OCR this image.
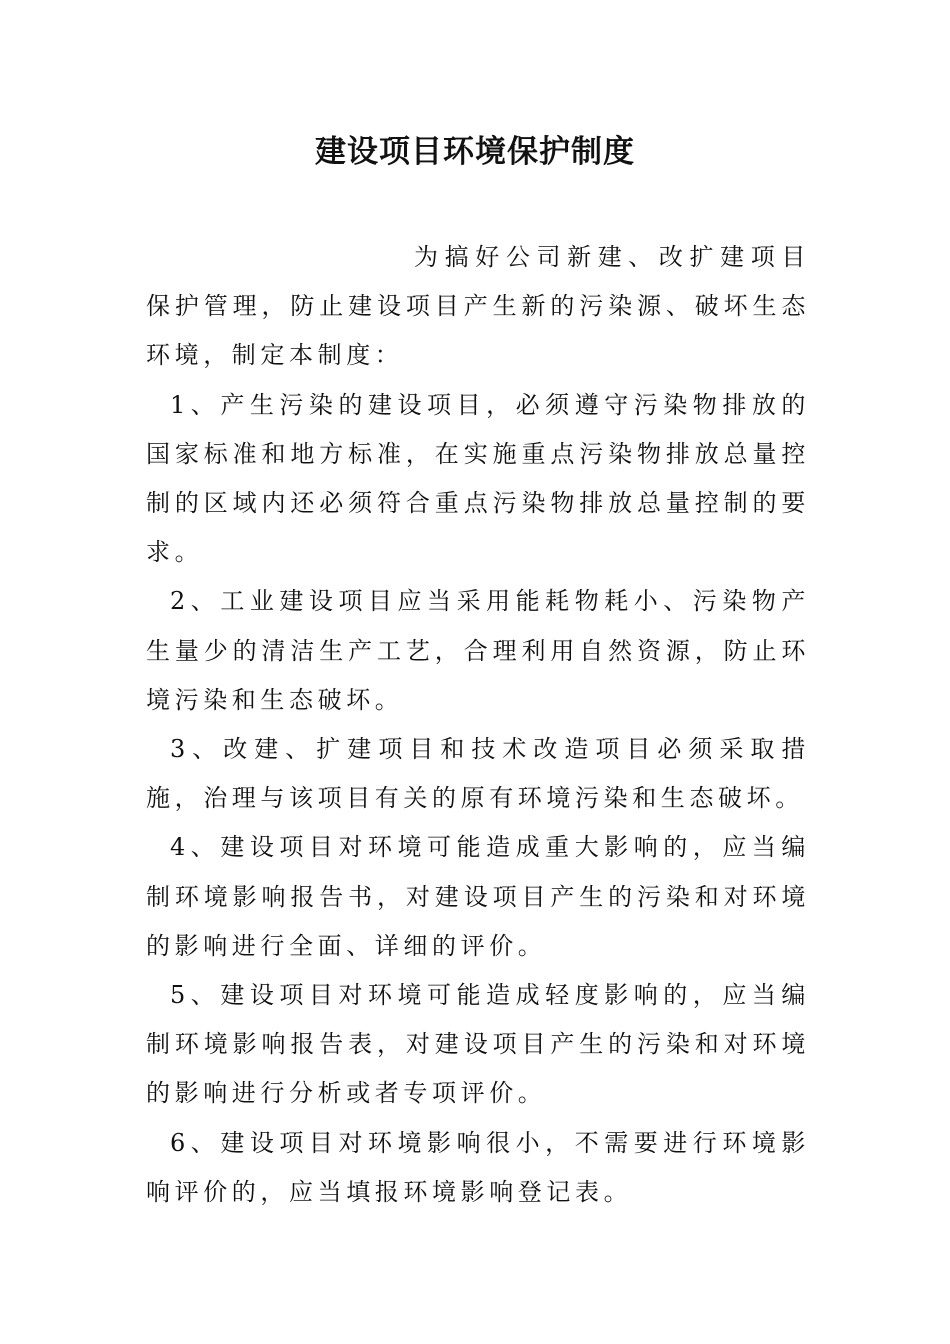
建设项目环境保护制度

为搞好公司新建、改扩建项目保护管理，防止建设项目产生新的污染源、破坏生态环境，制定本制度：

1、产生污染的建设项目，必须遵守污染物排放的国家标准和地方标准，在实施重点污染物排放总量控制的区域内还必须符合重点污染物排放总量控制的要求。

2、工业建设项目应当采用能耗物耗小、污染物产生量少的清洁生产工艺，合理利用自然资源，防止环境污染和生态破坏。

3、改建、扩建项目和技术改造项目必须采取措施，治理与该项目有关的原有环境污染和生态破坏。

4、建设项目对环境可能造成重大影响的，应当编制环境影响报告书，对建设项目产生的污染和对环境的影响进行全面、详细的评价。

5、建设项目对环境可能造成轻度影响的，应当编制环境影响报告表，对建设项目产生的污染和对环境的影响进行分析或者专项评价。

6、建设项目对环境影响很小，不需要进行环境影响评价的，应当填报环境影响登记表。
